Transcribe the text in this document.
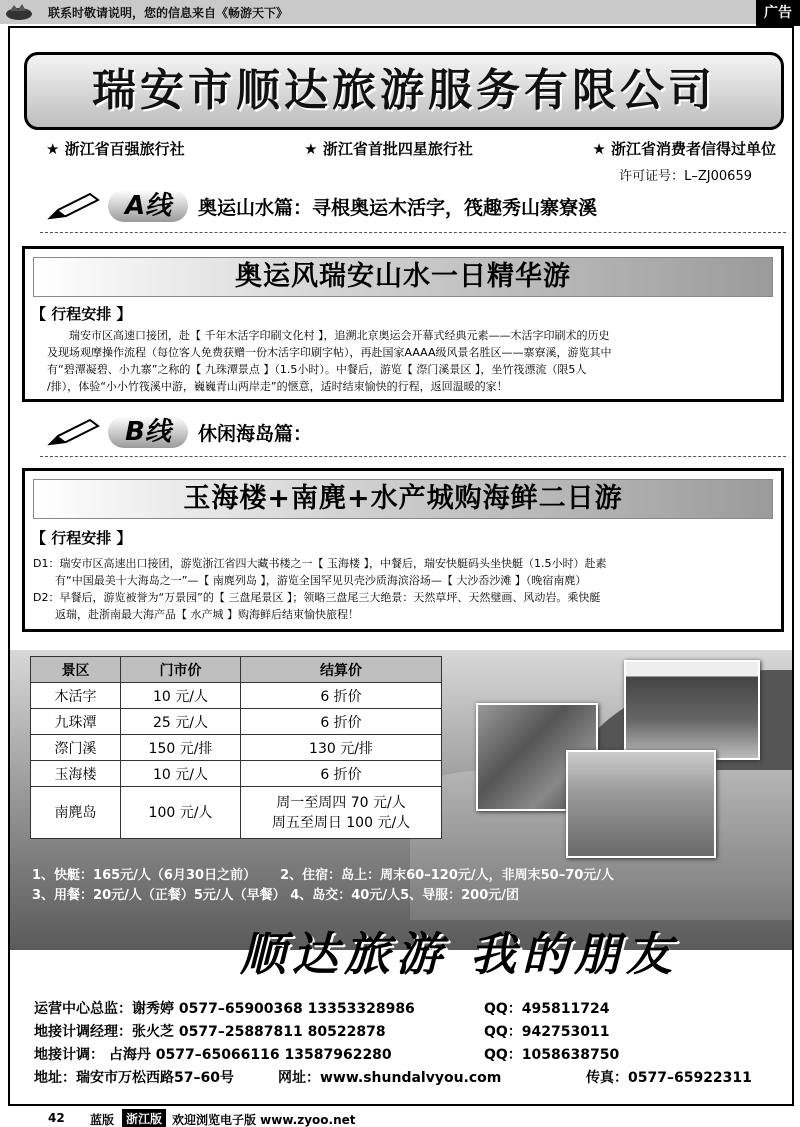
联系时敬请说明，您的信息来自《畅游天下》	广告
瑞安市顺达旅游服务有限公司
★ 浙江省百强旅行社	★ 浙江省首批四星旅行社	★ 浙江省消费者信得过单位
许可证号：L–ZJ00659
A线	奥运山水篇：寻根奥运木活字，筏趣秀山寨寮溪
奥运风瑞安山水一日精华游
【 行程安排 】

瑞安市区高速口接团，赴【 千年木活字印刷文化村 】，追溯北京奥运会开幕式经典元素——木活字印刷术的历史

及现场观摩操作流程（每位客人免费获赠一份木活字印刷字帖），再赴国家AAAA级风景名胜区——寨寮溪，游览其中

有“碧潭凝碧、小九寨”之称的【 九珠潭景点 】（1.5小时）。中餐后，游览【 漈门溪景区 】，坐竹筏漂流（限5人

/排），体验“小小竹筏溪中游，巍巍青山两岸走”的惬意，适时结束愉快的行程，返回温暖的家！

B线	休闲海岛篇：
玉海楼+南麂+水产城购海鲜二日游
【 行程安排 】

D1：瑞安市区高速出口接团，游览浙江省四大藏书楼之一【 玉海楼 】，中餐后，瑞安快艇码头坐快艇（1.5小时）赴素

　　有“中国最美十大海岛之一”—【 南麂列岛 】，游览全国罕见贝壳沙质海滨浴场—【 大沙岙沙滩 】（晚宿南麂）

D2：早餐后，游览被誉为“万景园”的【 三盘尾景区 】；领略三盘尾三大绝景：天然草坪、天然璧画、风动岩。乘快艇

　　返瑞，赴浙南最大海产品【 水产城 】购海鲜后结束愉快旅程！

景区	门市价	结算价
木活字	10 元/人	6 折价
九珠潭	25 元/人	6 折价
漈门溪	150 元/排	130 元/排
玉海楼	10 元/人	6 折价
南麂岛	100 元/人	周一至周四 70 元/人
周五至周日 100 元/人

1、快艇：165元/人（6月30日之前）　　 2、住宿：岛上：周末60–120元/人，非周末50–70元/人

3、用餐：20元/人（正餐）5元/人（早餐） 4、岛交：40元/人5、导服：200元/团

顺达旅游 我的朋友
运营中心总监：谢秀婷 0577–65900368 13353328986	QQ：495811724
地接计调经理：张火芝 0577–25887811 80522878	QQ：942753011
地接计调： 占海丹 0577–65066116 13587962280	QQ：1058638750
地址：瑞安市万松西路57–60号	网址：www.shundalvyou.com	传真：0577–65922311
42 蓝版 浙江版 欢迎浏览电子版 www.zyoo.net
